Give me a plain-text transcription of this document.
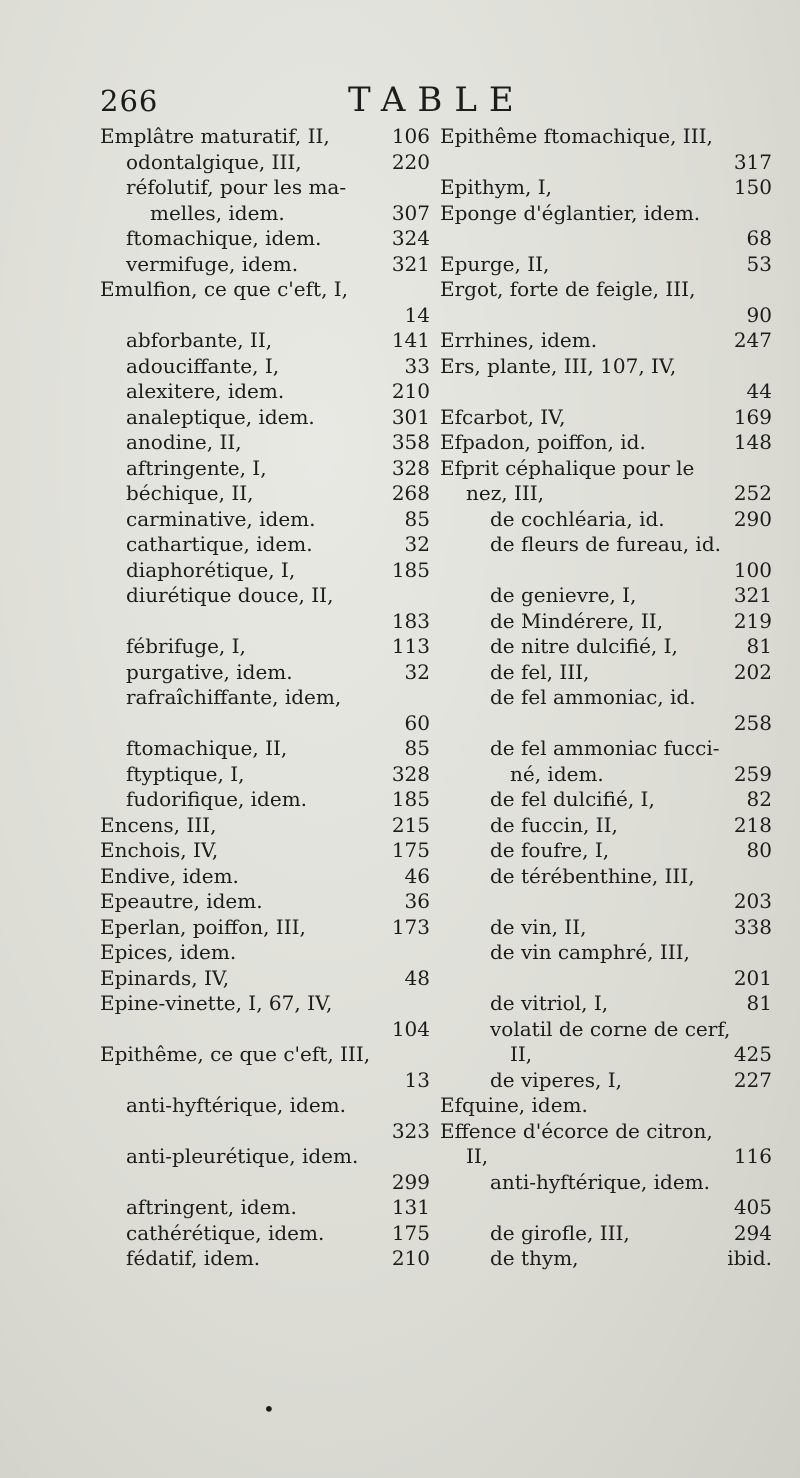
266	TABLE
Emplâtre maturatif, II,	106
odontalgique, III,	220
réfolutif, pour les ma-
melles, idem.	307
ftomachique, idem.	324
vermifuge, idem.	321
Emulfion, ce que c'eft, I,
14
abforbante, II,	141
adouciffante, I,	33
alexitere, idem.	210
analeptique, idem.	301
anodine, II,	358
aftringente, I,	328
béchique, II,	268
carminative, idem.	85
cathartique, idem.	32
diaphorétique, I,	185
diurétique douce, II,
183
fébrifuge, I,	113
purgative, idem.	32
rafraîchiffante, idem,
60
ftomachique, II,	85
ftyptique, I,	328
fudorifique, idem.	185
Encens, III,	215
Enchois, IV,	175
Endive, idem.	46
Epeautre, idem.	36
Eperlan, poiffon, III,	173
Epices, idem.
Epinards, IV,	48
Epine-vinette, I, 67, IV,
104
Epithême, ce que c'eft, III,
13
anti-hyftérique, idem.
323
anti-pleurétique, idem.
299
aftringent, idem.	131
cathérétique, idem.	175
fédatif, idem.	210
Epithême ftomachique, III,
317
Epithym, I,	150
Eponge d'églantier, idem.
68
Epurge, II,	53
Ergot, forte de feigle, III,
90
Errhines, idem.	247
Ers, plante, III, 107, IV,
44
Efcarbot, IV,	169
Efpadon, poiffon, id.	148
Efprit céphalique pour le
nez, III,	252
de cochléaria, id.	290
de fleurs de fureau, id.
100
de genievre, I,	321
de Mindérere, II,	219
de nitre dulcifié, I,	81
de fel, III,	202
de fel ammoniac, id.
258
de fel ammoniac fucci-
né, idem.	259
de fel dulcifié, I,	82
de fuccin, II,	218
de foufre, I,	80
de térébenthine, III,
203
de vin, II,	338
de vin camphré, III,
201
de vitriol, I,	81
volatil de corne de cerf,
II,	425
de viperes, I,	227
Efquine, idem.
Effence d'écorce de citron,
II,	116
anti-hyftérique, idem.
405
de girofle, III,	294
de thym,	ibid.
•
